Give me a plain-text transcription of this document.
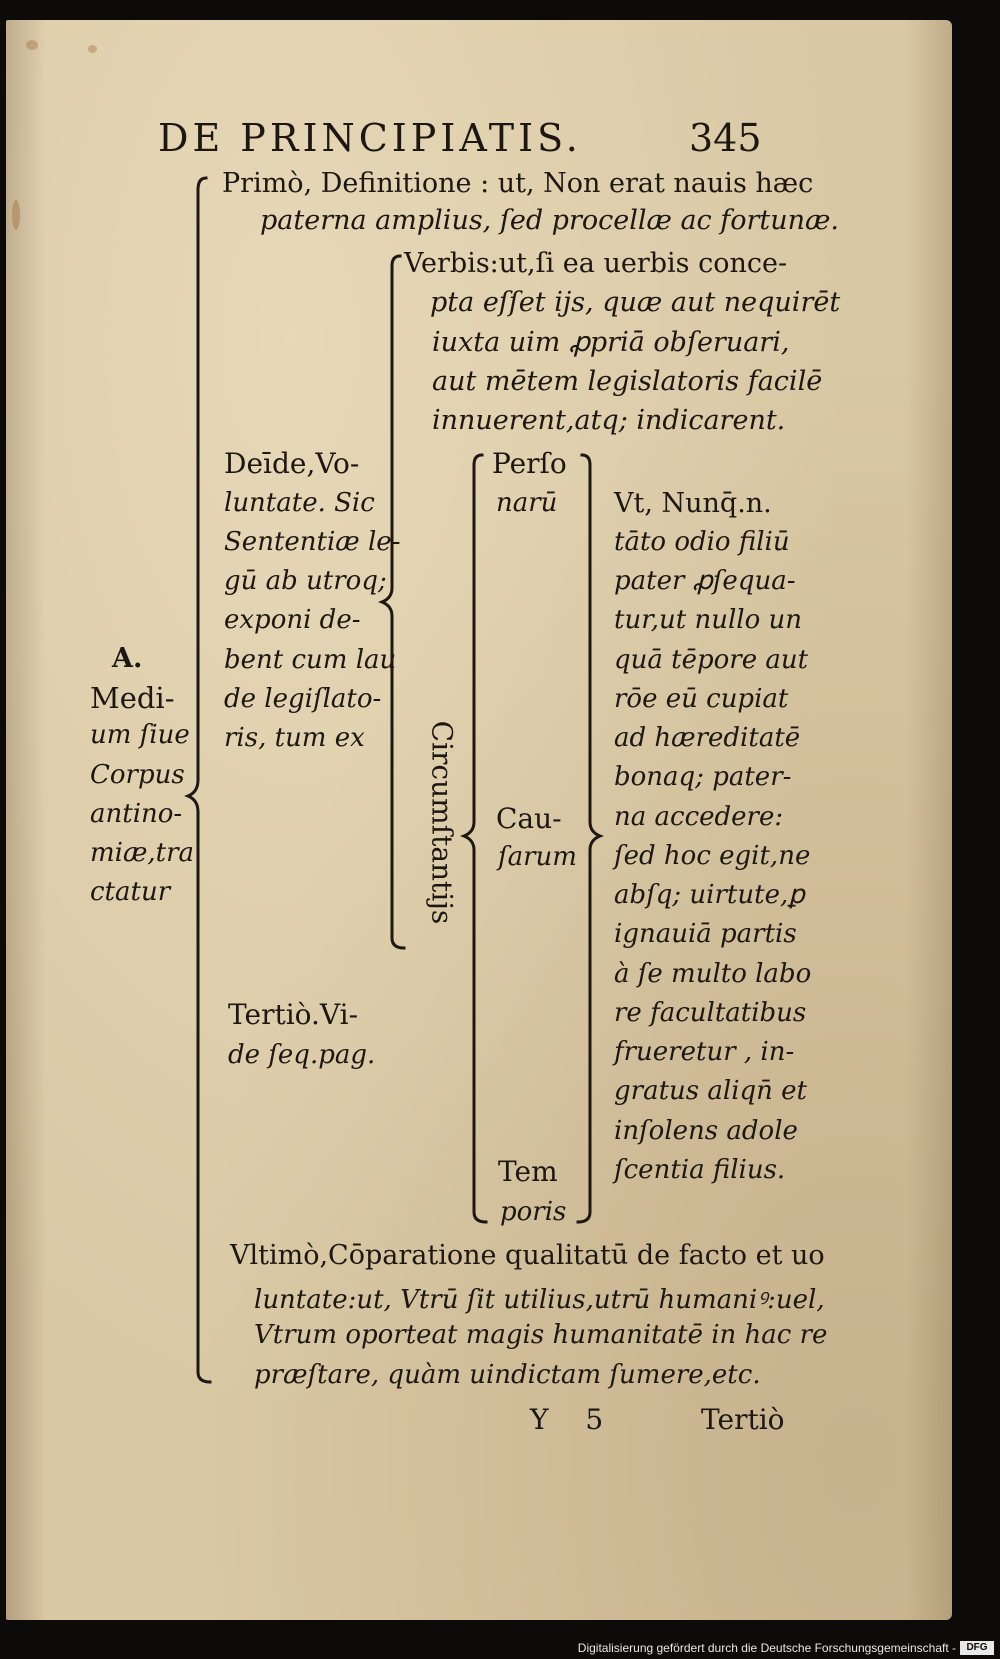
DE PRINCIPIATIS.	345
Primò, Definitione : ut, Non erat nauis hæc
paterna amplius, ſed procellæ ac fortunæ.
Verbis:ut,ſi ea uerbis conce-
pta eſſet ijs, quæ aut nequirēt
iuxta uim ꝓpriā obſeruari,
aut mētem legislatoris facilē
innuerent,atq; indicarent.
Deīde,Vo-
luntate. Sic
Sententiæ le-
gū ab utroq;
exponi de-
bent cum lau
de legiſlato-
ris, tum ex
A.
Medi-
um ſiue
Corpus
antino-
miæ,tra
ctatur	Circumſtantijs
Perſo
narū
Cau-
ſarum
Tem
poris
Vt, Nunq̄.n.
tāto odio filiū
pater ꝓſequa-
tur,ut nullo un
quā tēpore aut
rōe eū cupiat
ad hæreditatē
bonaq; pater-
na accedere:
ſed hoc egit,ne
abſq; uirtute,ꝑ
ignauiā partis
à ſe multo labo
re facultatibus
frueretur , in-
gratus aliqn̄ et
inſolens adole
ſcentia filius.
Tertiò.Vi-
de ſeq.pag.
Vltimò,Cōparatione qualitatū de facto et uo
luntate:ut, Vtrū ſit utilius,utrū humaniꝰ:uel,
Vtrum oporteat magis humanitatē in hac re
præſtare, quàm uindictam ſumere,etc.
Y 5	Tertiò
Digitalisierung gefördert durch die Deutsche Forschungsgemeinschaft -	DFG
